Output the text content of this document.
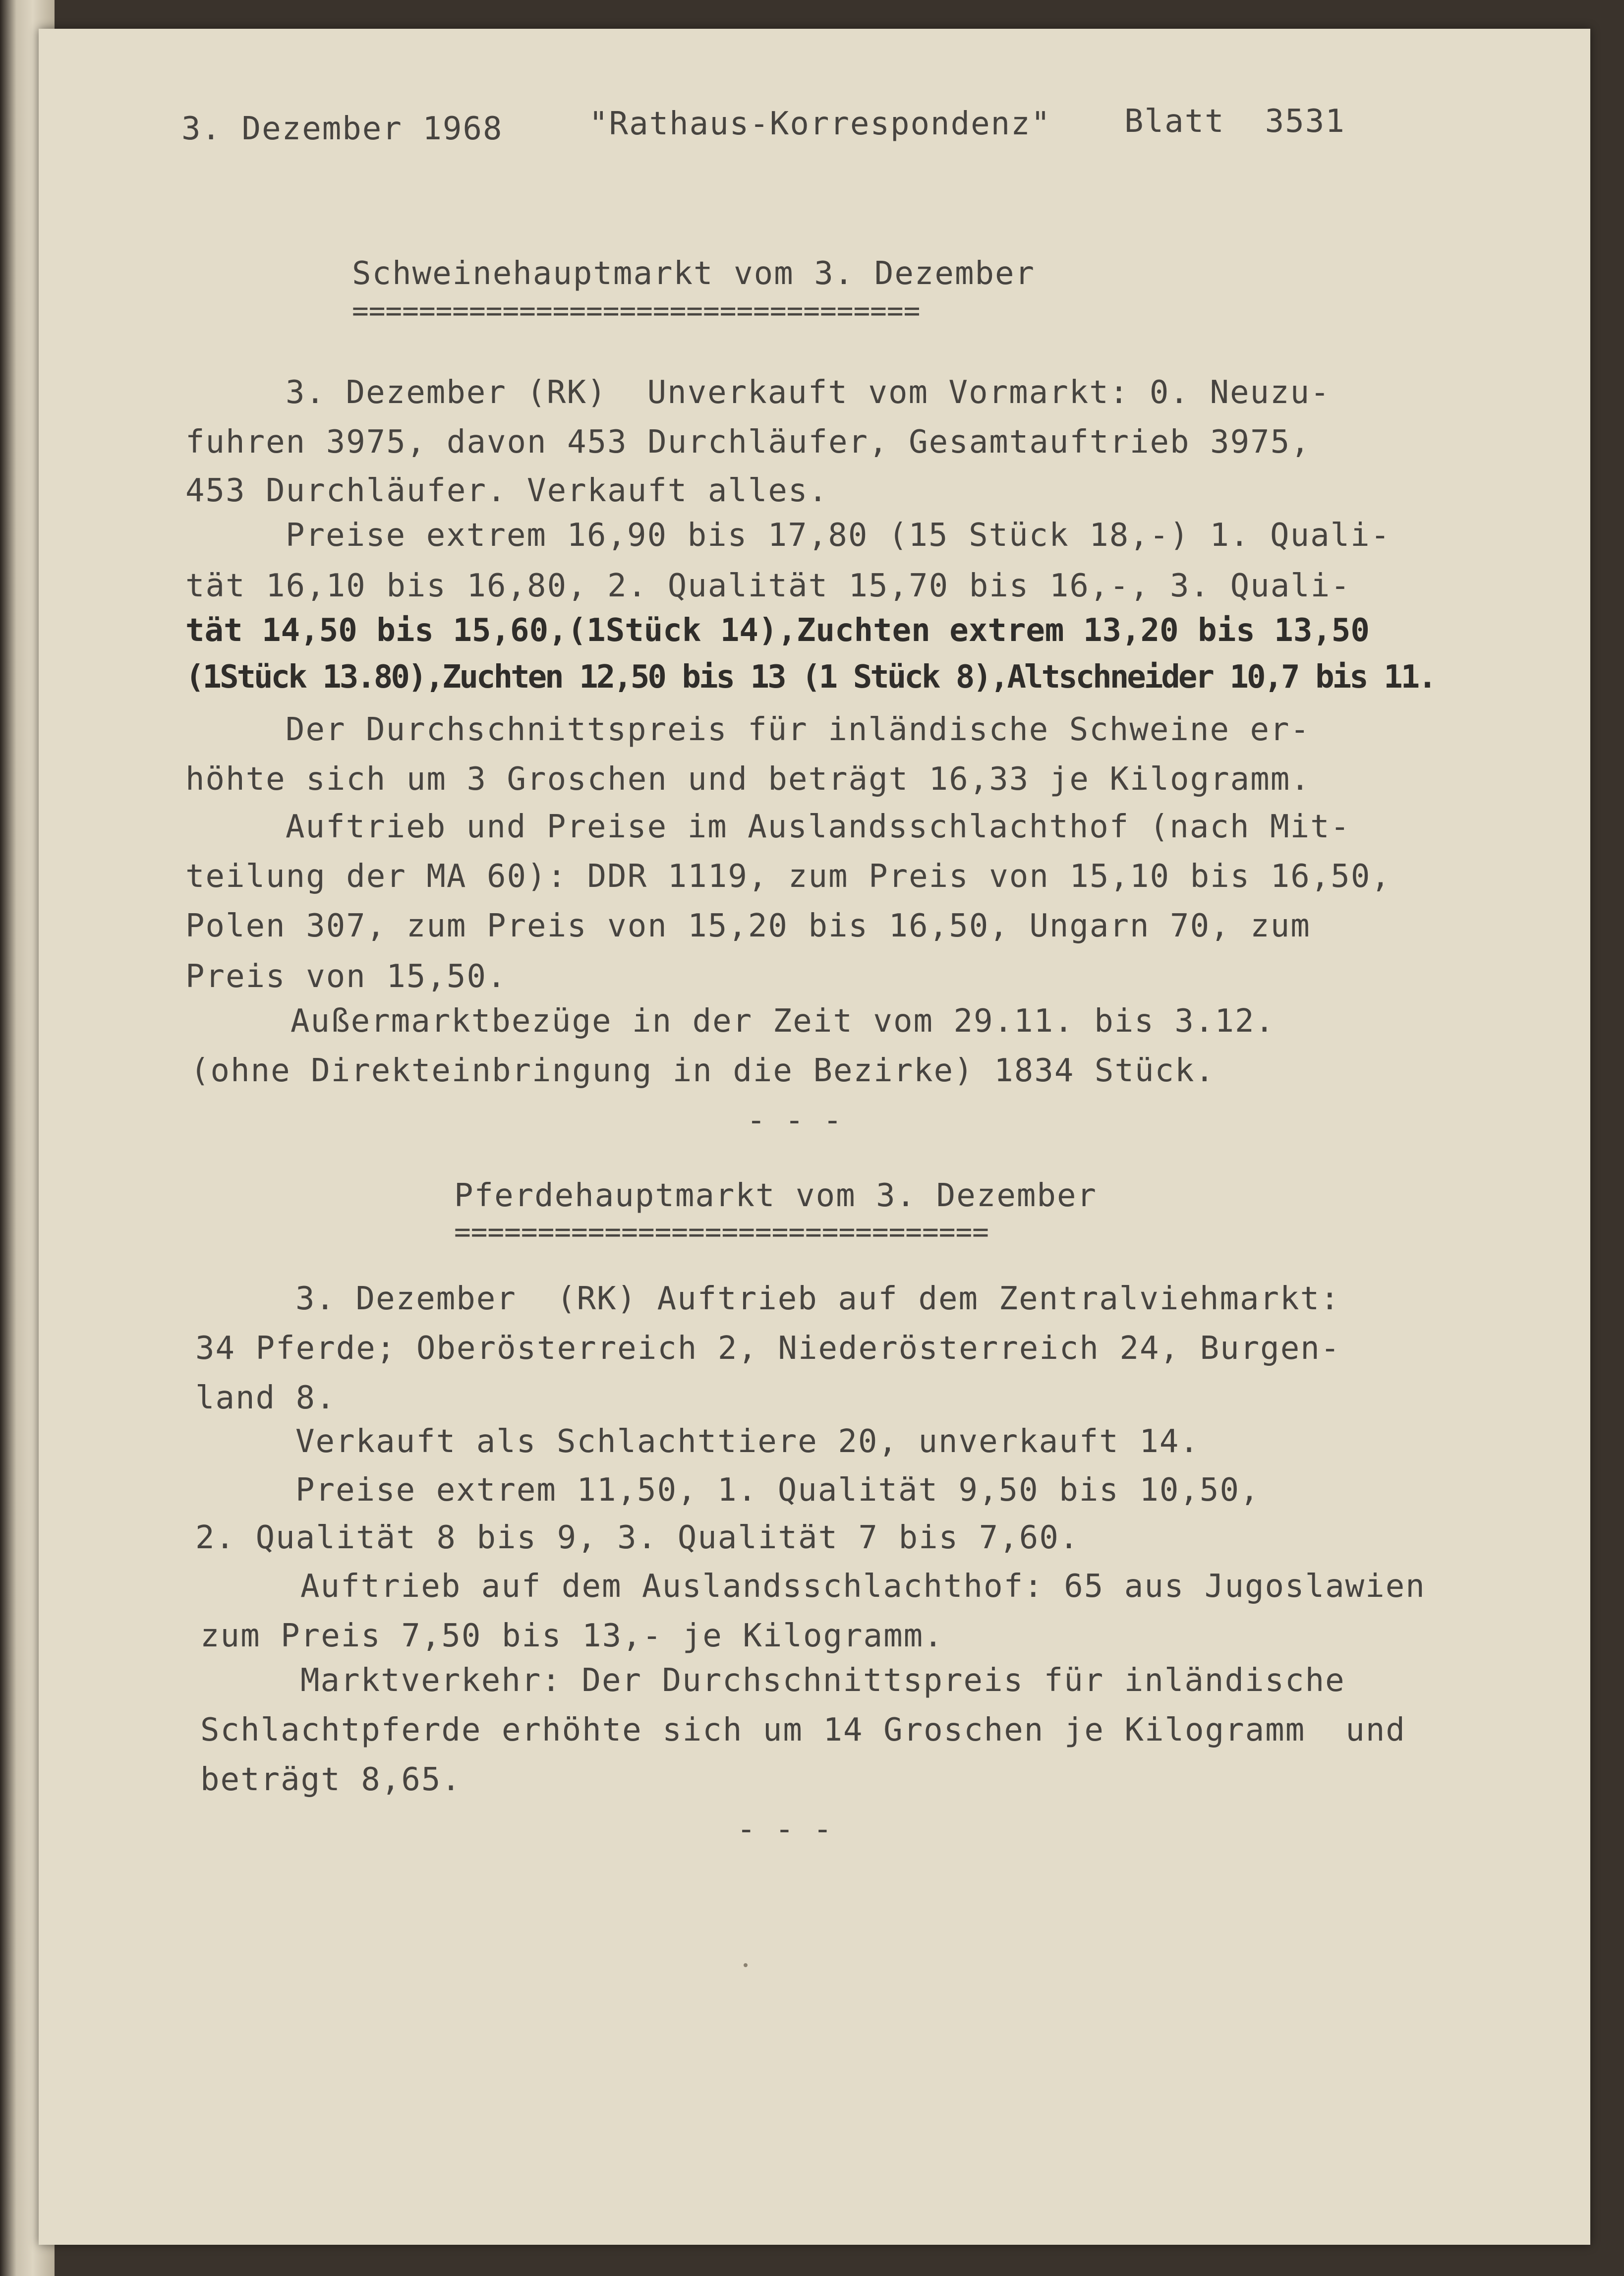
3. Dezember 1968	"Rathaus-Korrespondenz" Blatt  3531
Schweinehauptmarkt vom 3. Dezember
==================================
3. Dezember (RK)  Unverkauft vom Vormarkt: 0. Neuzu-
fuhren 3975, davon 453 Durchläufer, Gesamtauftrieb 3975,
453 Durchläufer. Verkauft alles.
Preise extrem 16,90 bis 17,80 (15 Stück 18,-) 1. Quali-
tät 16,10 bis 16,80, 2. Qualität 15,70 bis 16,-, 3. Quali-
tät 14,50 bis 15,60,(1Stück 14),Zuchten extrem 13,20 bis 13,50
(1Stück 13.80),Zuchten 12,50 bis 13 (1 Stück 8),Altschneider 10,7 bis 11.
Der Durchschnittspreis für inländische Schweine er-
höhte sich um 3 Groschen und beträgt 16,33 je Kilogramm.
Auftrieb und Preise im Auslandsschlachthof (nach Mit-
teilung der MA 60): DDR 1119, zum Preis von 15,10 bis 16,50,
Polen 307, zum Preis von 15,20 bis 16,50, Ungarn 70, zum
Preis von 15,50.
Außermarktbezüge in der Zeit vom 29.11. bis 3.12.
(ohne Direkteinbringung in die Bezirke) 1834 Stück.
- - -
Pferdehauptmarkt vom 3. Dezember
================================
3. Dezember  (RK) Auftrieb auf dem Zentralviehmarkt:
34 Pferde; Oberösterreich 2, Niederösterreich 24, Burgen-
land 8.
Verkauft als Schlachttiere 20, unverkauft 14.
Preise extrem 11,50, 1. Qualität 9,50 bis 10,50,
2. Qualität 8 bis 9, 3. Qualität 7 bis 7,60.
Auftrieb auf dem Auslandsschlachthof: 65 aus Jugoslawien
zum Preis 7,50 bis 13,- je Kilogramm.
Marktverkehr: Der Durchschnittspreis für inländische
Schlachtpferde erhöhte sich um 14 Groschen je Kilogramm  und
beträgt 8,65.
- - -
